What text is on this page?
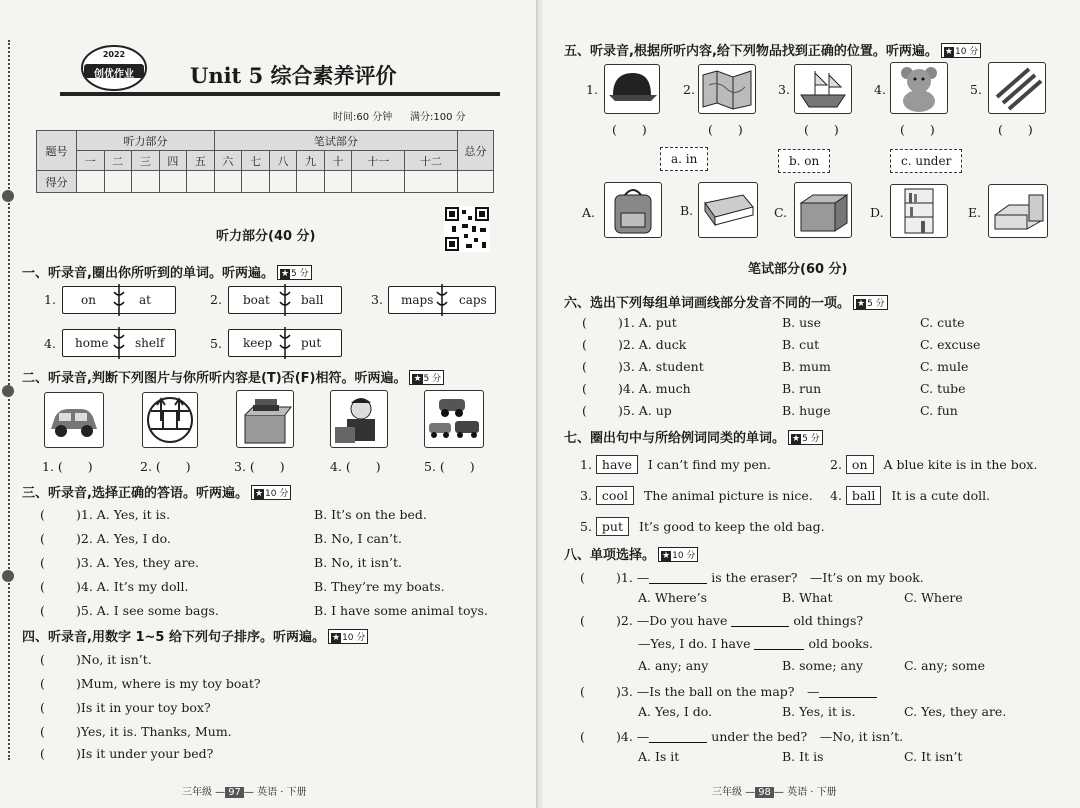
2022
创优作业	Unit 5 综合素养评价
时间:60 分钟 满分:100 分
题号	听力部分					笔试部分							总分
	一	二	三	四	五	六	七	八	九	十	十一	十二	
得分													
听力部分(40 分)
一、听录音,圈出你所听到的单词。听两遍。 ★ 5 分
1. on	at	2. boat	ball	3. maps caps
4. home shelf	5. keep put
二、听录音,判断下列图片与你所听内容是(T)否(F)相符。听两遍。 ★ 5 分
1. (　　)	2. (　　)	3. (　　)	4. (　　)	5. (　　)
三、听录音,选择正确的答语。听两遍。 ★ 10 分
( )1. A. Yes, it is.	B. It’s on the bed.
( )2. A. Yes, I do.	B. No, I can’t.
( )3. A. Yes, they are.	B. No, it isn’t.
( )4. A. It’s my doll.	B. They’re my boats.
( )5. A. I see some bags.	B. I have some animal toys.
四、听录音,用数字 1~5 给下列句子排序。听两遍。 ★ 10 分
( )No, it isn’t.
( )Mum, where is my toy boat?
( )Is it in your toy box?
( )Yes, it is. Thanks, Mum.
( )Is it under your bed?
三年级 — 97 — 英语 · 下册
五、听录音,根据所听内容,给下列物品找到正确的位置。听两遍。 ★ 10 分
1.	2.	3.	4.	5.
(　　)	(　　)	(　　)	(　　)	(　　)
a. in	b. on	c. under
A.	B.	C.	D.	E.
笔试部分(60 分)
六、选出下列每组单词画线部分发音不同的一项。 ★ 5 分
( )1. A. put	B. use	C. cute
( )2. A. duck	B. cut	C. excuse
( )3. A. student	B. mum	C. mule
( )4. A. much	B. run	C. tube
( )5. A. up	B. huge	C. fun
七、圈出句中与所给例词同类的单词。 ★ 5 分
1. have I can’t find my pen.	2. on A blue kite is in the box.
3. cool The animal picture is nice. 4. ball It is a cute doll.
5. put It’s good to keep the old bag.
八、单项选择。 ★ 10 分
( )1. —	is the eraser?　—It’s on my book.
A. Where’s	B. What	C. Where
( )2. —Do you have	old things?
—Yes, I do. I have	old books.
A. any; any	B. some; any	C. any; some
( )3. —Is the ball on the map?　—
A. Yes, I do.	B. Yes, it is.	C. Yes, they are.
( )4. —	under the bed?　—No, it isn’t.
A. Is it	B. It is	C. It isn’t
三年级 — 98 — 英语 · 下册
